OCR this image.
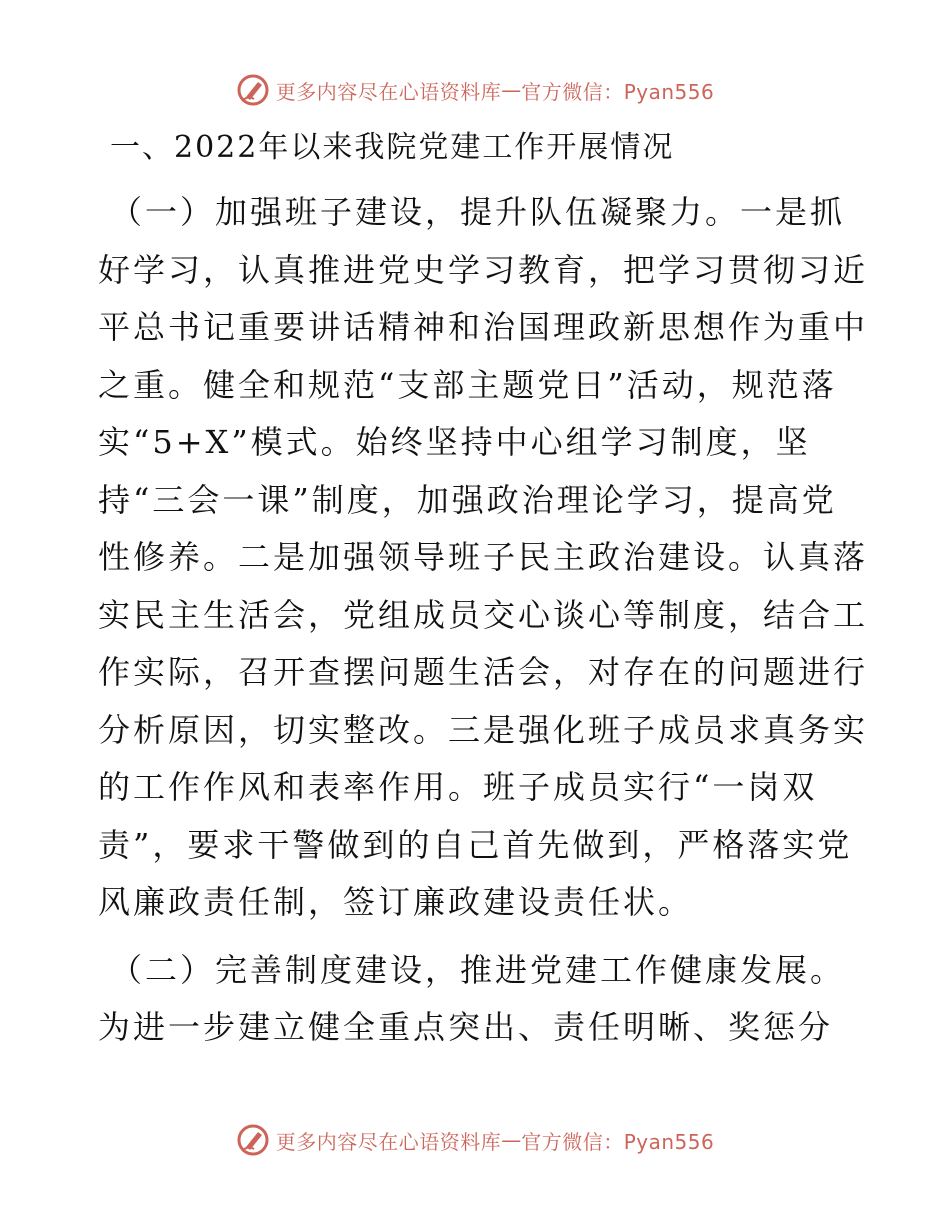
更多内容尽在心语资料库 — 官方微信：Pyan556
一、2022年以来我院党建工作开展情况

（一）加强班子建设，提升队伍凝聚力。一是抓
好学习，认真推进党史学习教育，把学习贯彻习近
平总书记重要讲话精神和治国理政新思想作为重中
之重。健全和规范“支部主题党日”活动，规范落
实“5+X”模式。始终坚持中心组学习制度，坚
持“三会一课”制度，加强政治理论学习，提高党
性修养。二是加强领导班子民主政治建设。认真落
实民主生活会，党组成员交心谈心等制度，结合工
作实际，召开查摆问题生活会，对存在的问题进行
分析原因，切实整改。三是强化班子成员求真务实
的工作作风和表率作用。班子成员实行“一岗双
责”，要求干警做到的自己首先做到，严格落实党
风廉政责任制，签订廉政建设责任状。

（二）完善制度建设，推进党建工作健康发展。
为进一步建立健全重点突出、责任明晰、奖惩分

更多内容尽在心语资料库 — 官方微信：Pyan556
